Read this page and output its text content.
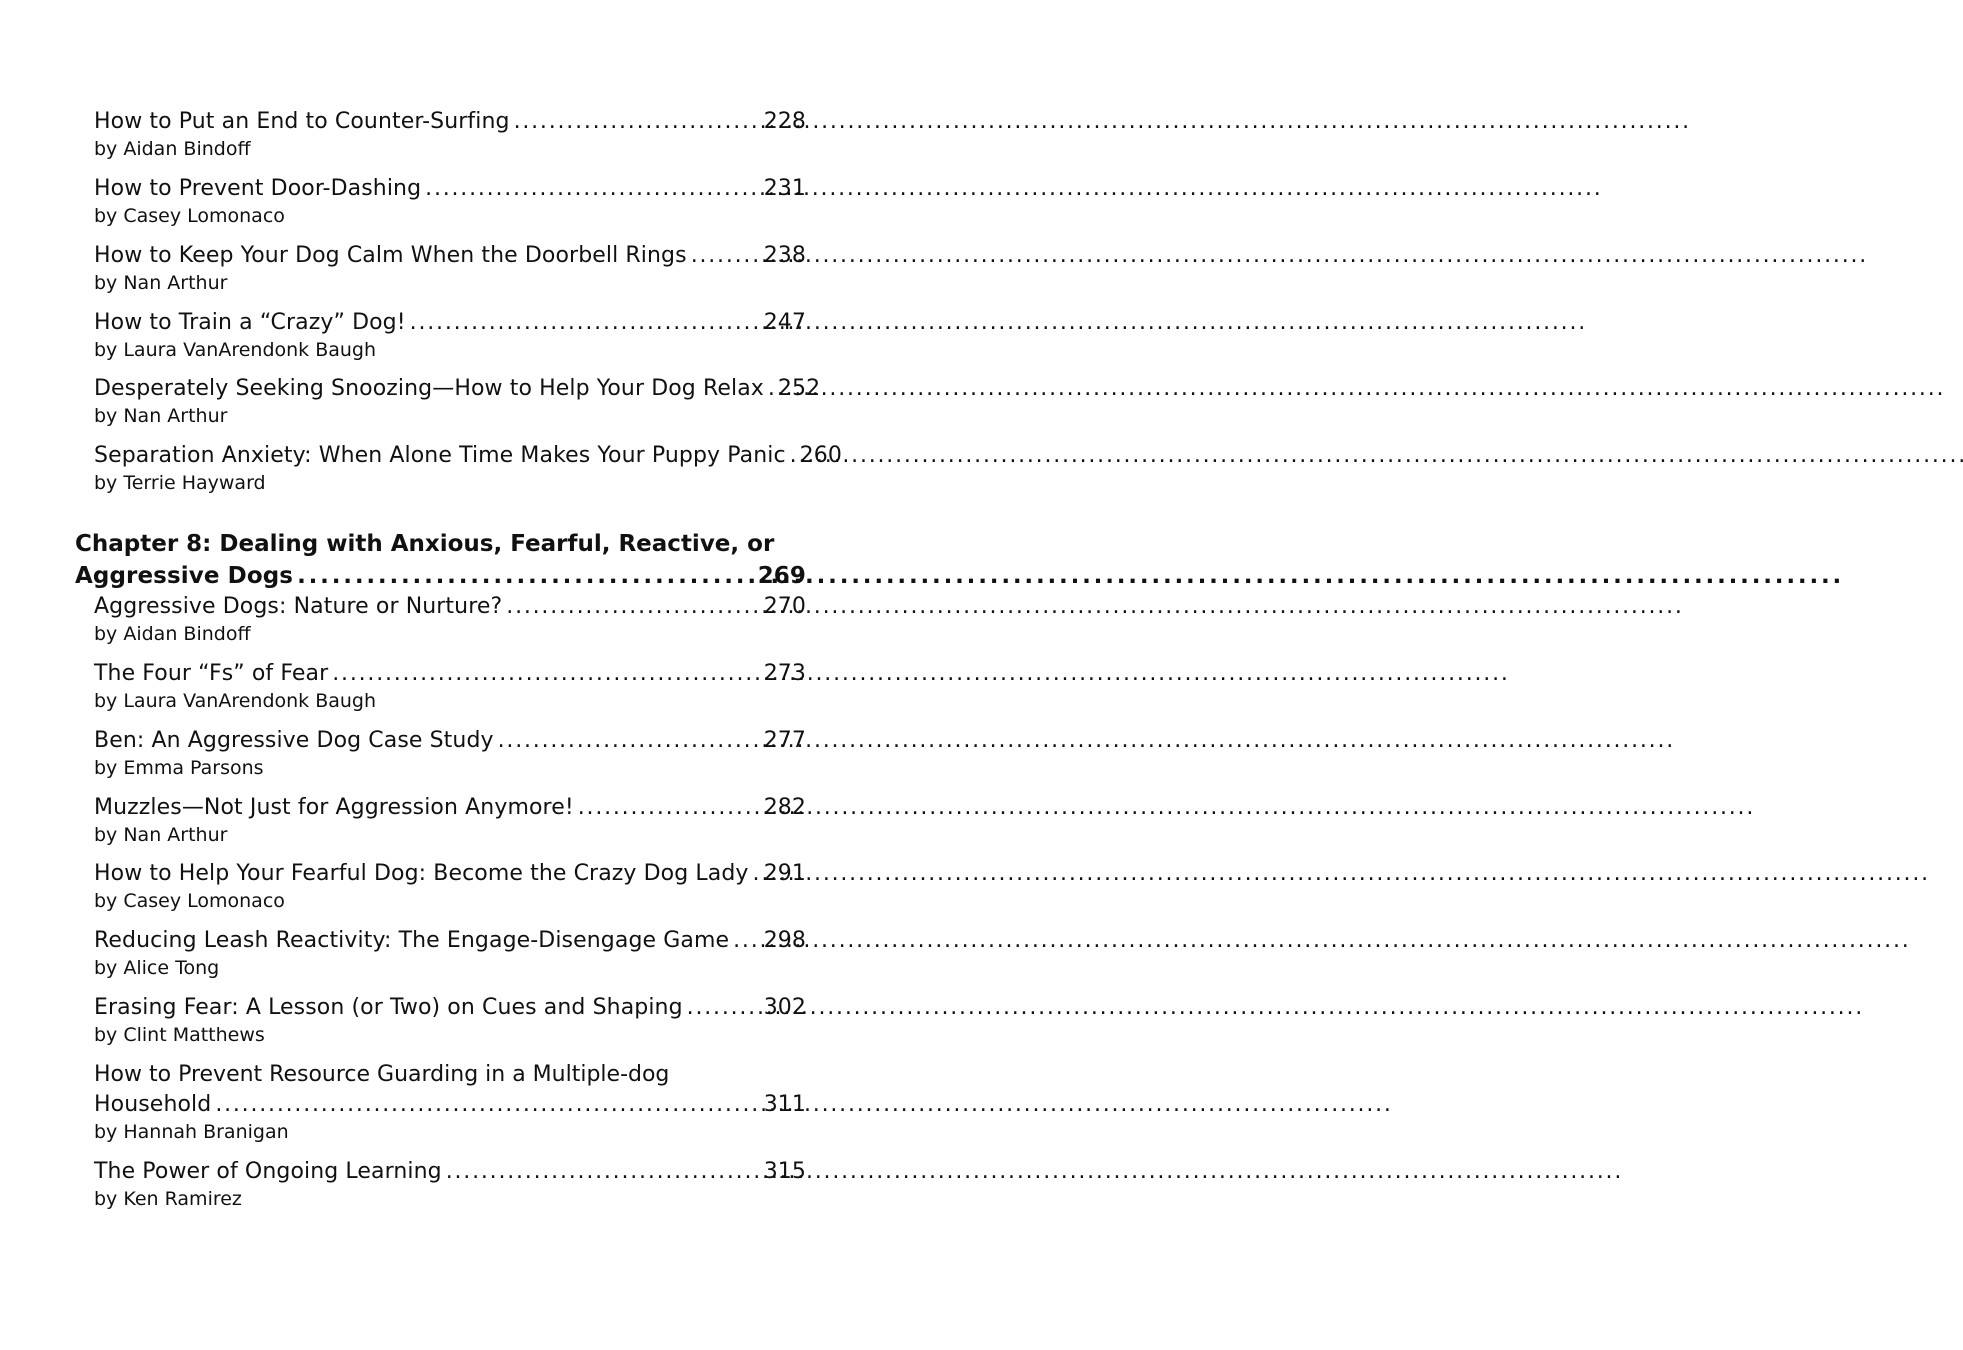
How to Put an End to Counter-Surfing . . .	228
by Aidan Bindoff
How to Prevent Door-Dashing . . .	231
by Casey Lomonaco
How to Keep Your Dog Calm When the Doorbell Rings . . .	238
by Nan Arthur
How to Train a “Crazy” Dog! . . .	247
by Laura VanArendonk Baugh
Desperately Seeking Snoozing—How to Help Your Dog Relax . . . 252
by Nan Arthur
Separation Anxiety: When Alone Time Makes Your Puppy Panic . . . 260
by Terrie Hayward
Chapter 8: Dealing with Anxious, Fearful, Reactive, or
Aggressive Dogs . . .	269
Aggressive Dogs: Nature or Nurture? . . .	270
by Aidan Bindoff
The Four “Fs” of Fear . . .	273
by Laura VanArendonk Baugh
Ben: An Aggressive Dog Case Study . . .	277
by Emma Parsons
Muzzles—Not Just for Aggression Anymore! . . .	282
by Nan Arthur
How to Help Your Fearful Dog: Become the Crazy Dog Lady . . . 291
by Casey Lomonaco
Reducing Leash Reactivity: The Engage-Disengage Game . . . 298
by Alice Tong
Erasing Fear: A Lesson (or Two) on Cues and Shaping . . .	302
by Clint Matthews
How to Prevent Resource Guarding in a Multiple-dog
Household . . .	311
by Hannah Branigan
The Power of Ongoing Learning . . .	315
by Ken Ramirez
